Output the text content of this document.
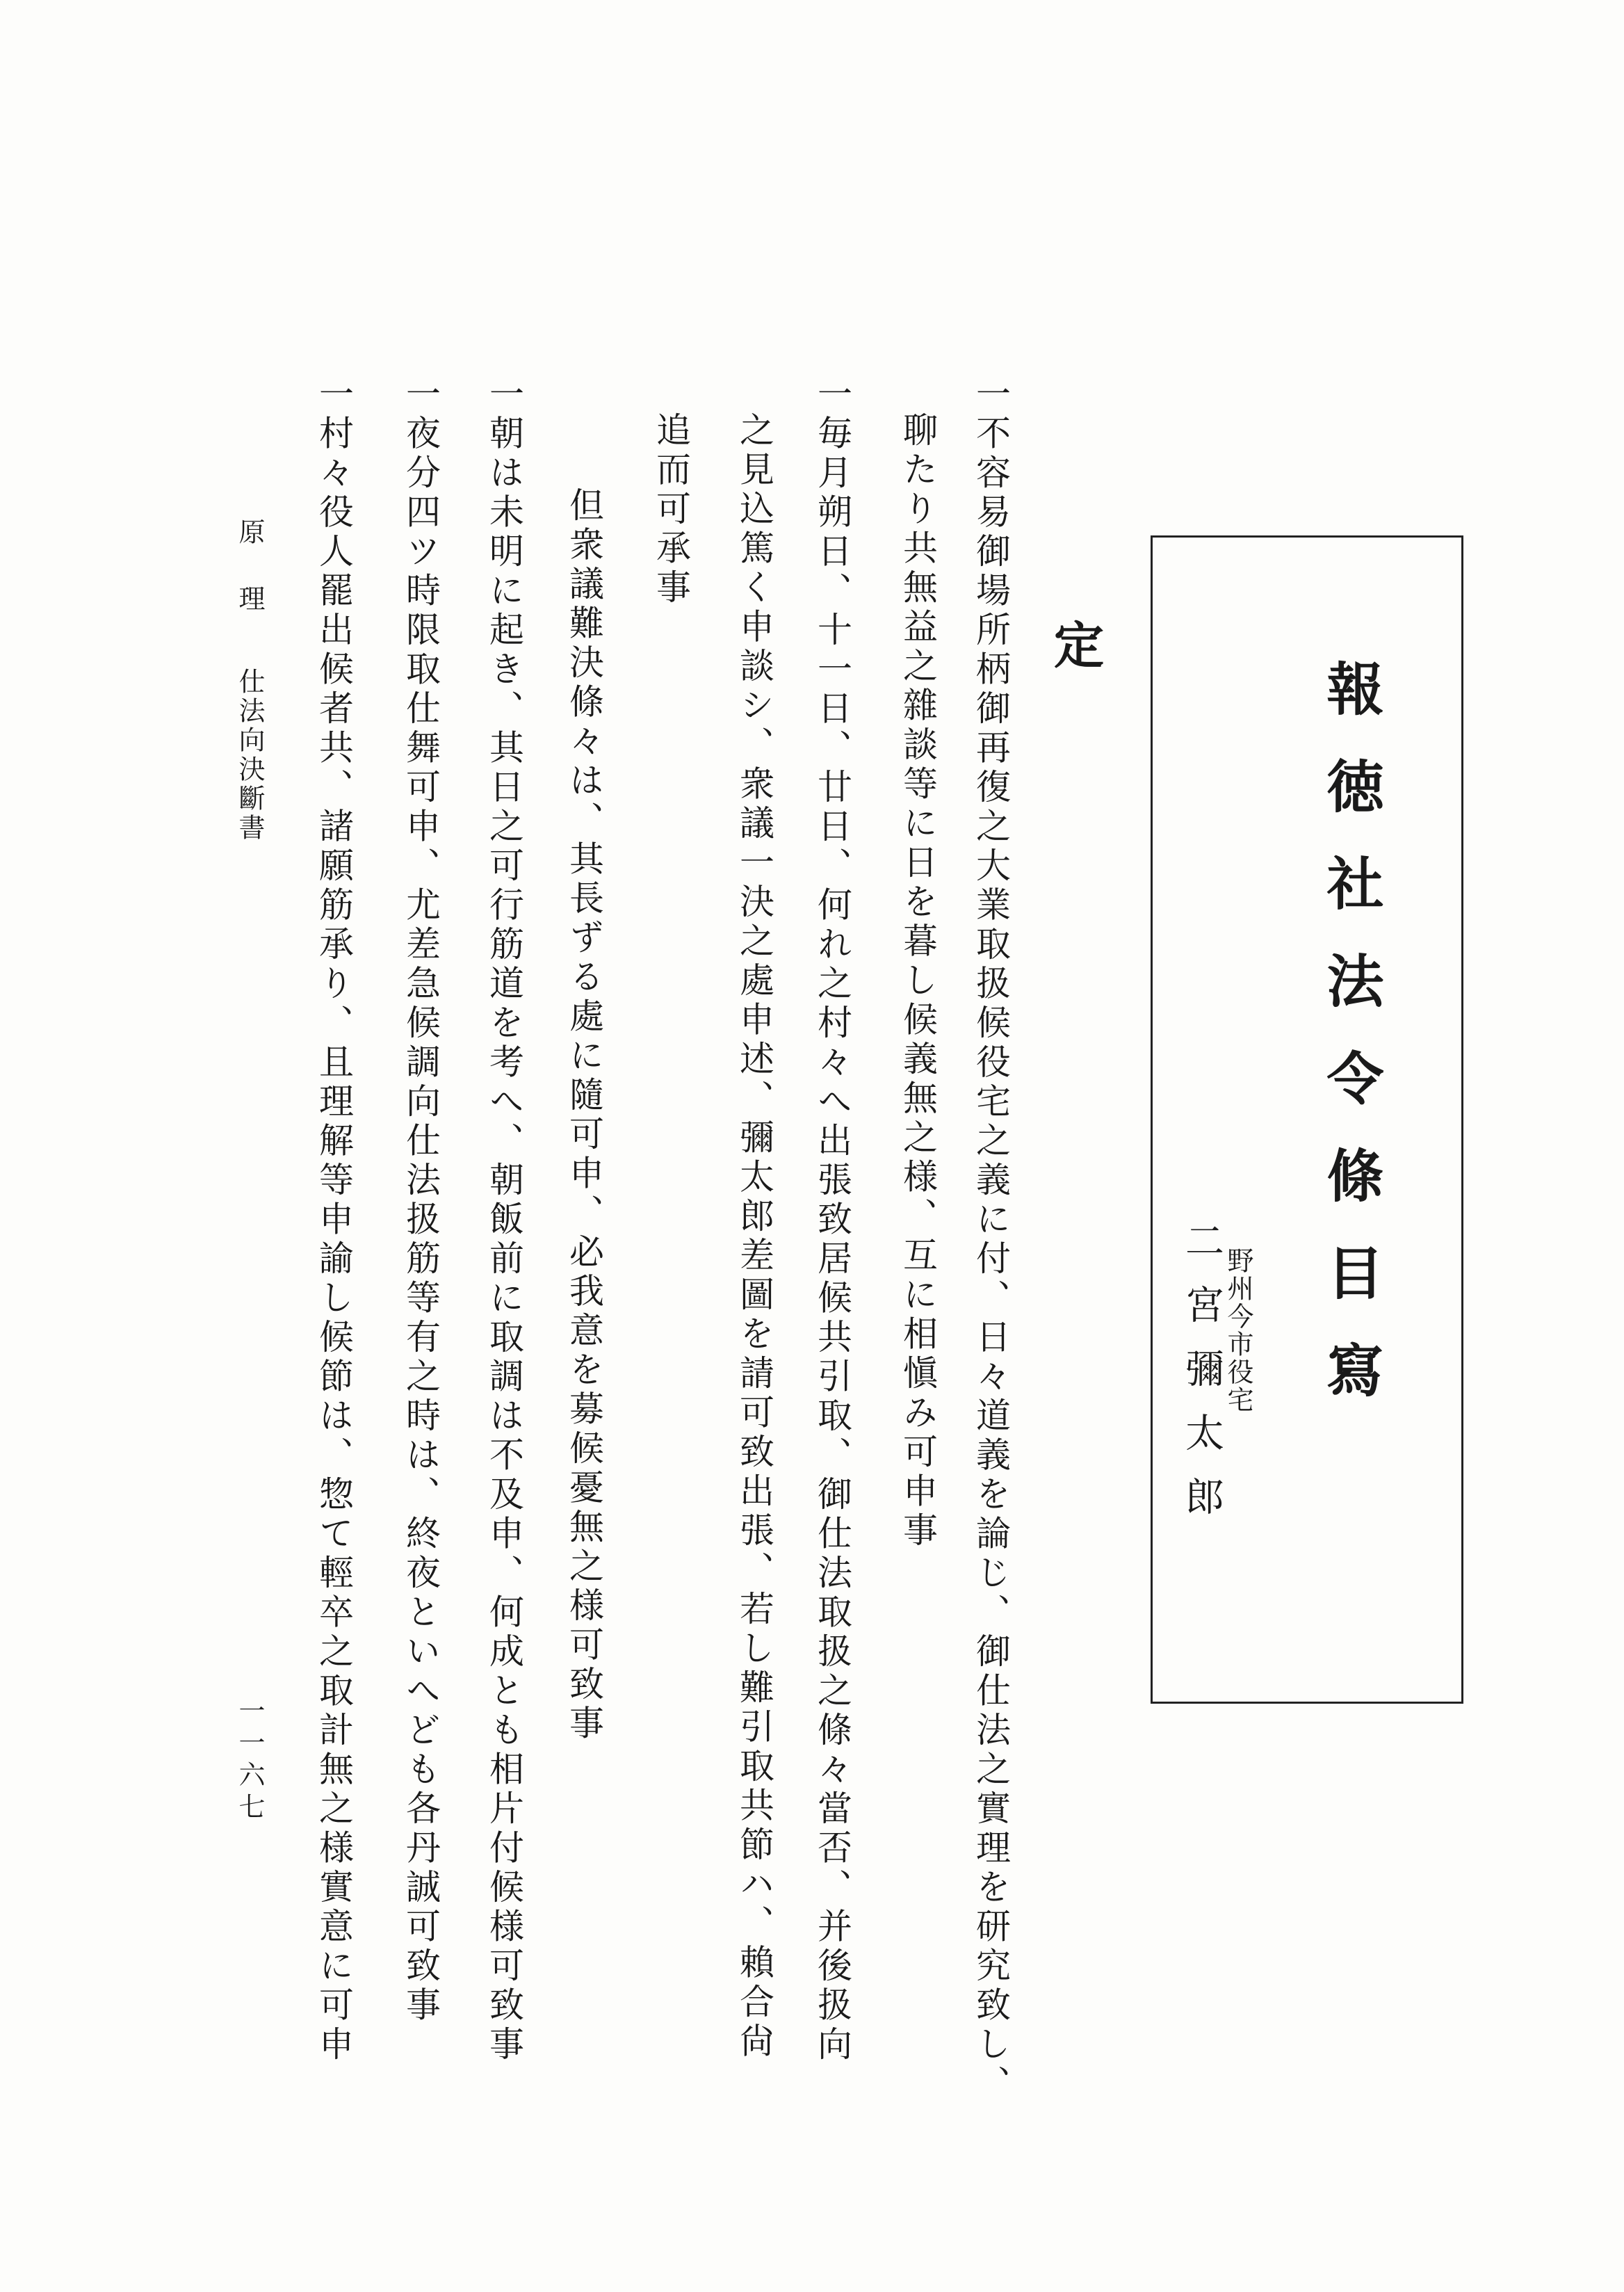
報徳社法令條目寫
野州今市役宅
二宮彌太郎
定
一不容易御場所柄御再復之大業取扱候役宅之義に付、日々道義を論じ、御仕法之實理を研究致し、
聊たり共無益之雜談等に日を暮し候義無之様、互に相愼み可申事
一毎月朔日、十一日、廿日、何れ之村々へ出張致居候共引取、御仕法取扱之條々當否、并後扱向
之見込篤く申談シ、衆議一決之處申述、彌太郎差圖を請可致出張、若し難引取共節ハ、賴合尙
追而可承事
但衆議難決條々は、其長ずる處に隨可申、必我意を募候憂無之様可致事
一朝は未明に起き、其日之可行筋道を考へ、朝飯前に取調は不及申、何成とも相片付候様可致事
一夜分四ツ時限取仕舞可申、尤差急候調向仕法扱筋等有之時は、終夜といへども各丹誠可致事
一村々役人罷出候者共、諸願筋承り、且理解等申諭し候節は、惣て輕卒之取計無之様實意に可申
原　理
仕法向決斷書
一一六七
